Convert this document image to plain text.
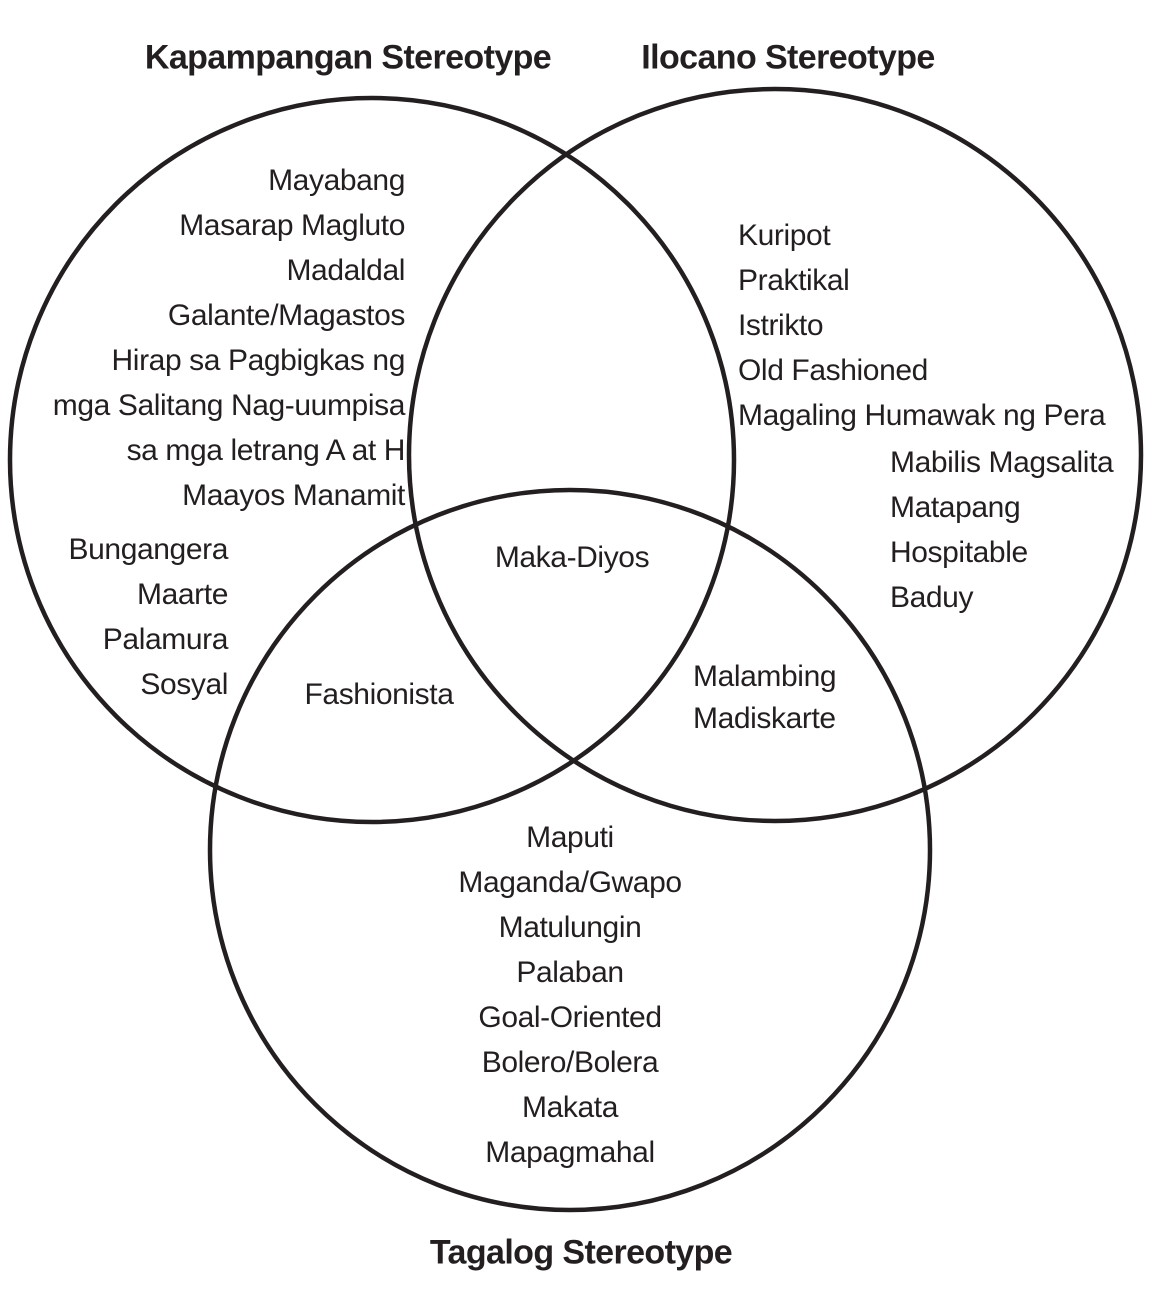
Kapampangan Stereotype	Ilocano Stereotype
Tagalog Stereotype
Mayabang
Masarap Magluto
Madaldal
Galante/Magastos
Hirap sa Pagbigkas ng
mga Salitang Nag-uumpisa
sa mga letrang A at H
Maayos Manamit
Bungangera
Maarte
Palamura
Sosyal
Kuripot
Praktikal
Istrikto
Old Fashioned
Magaling Humawak ng Pera
Mabilis Magsalita
Matapang
Hospitable
Baduy
Maka-Diyos
Fashionista
Malambing
Madiskarte
Maputi
Maganda/Gwapo
Matulungin
Palaban
Goal-Oriented
Bolero/Bolera
Makata
Mapagmahal
